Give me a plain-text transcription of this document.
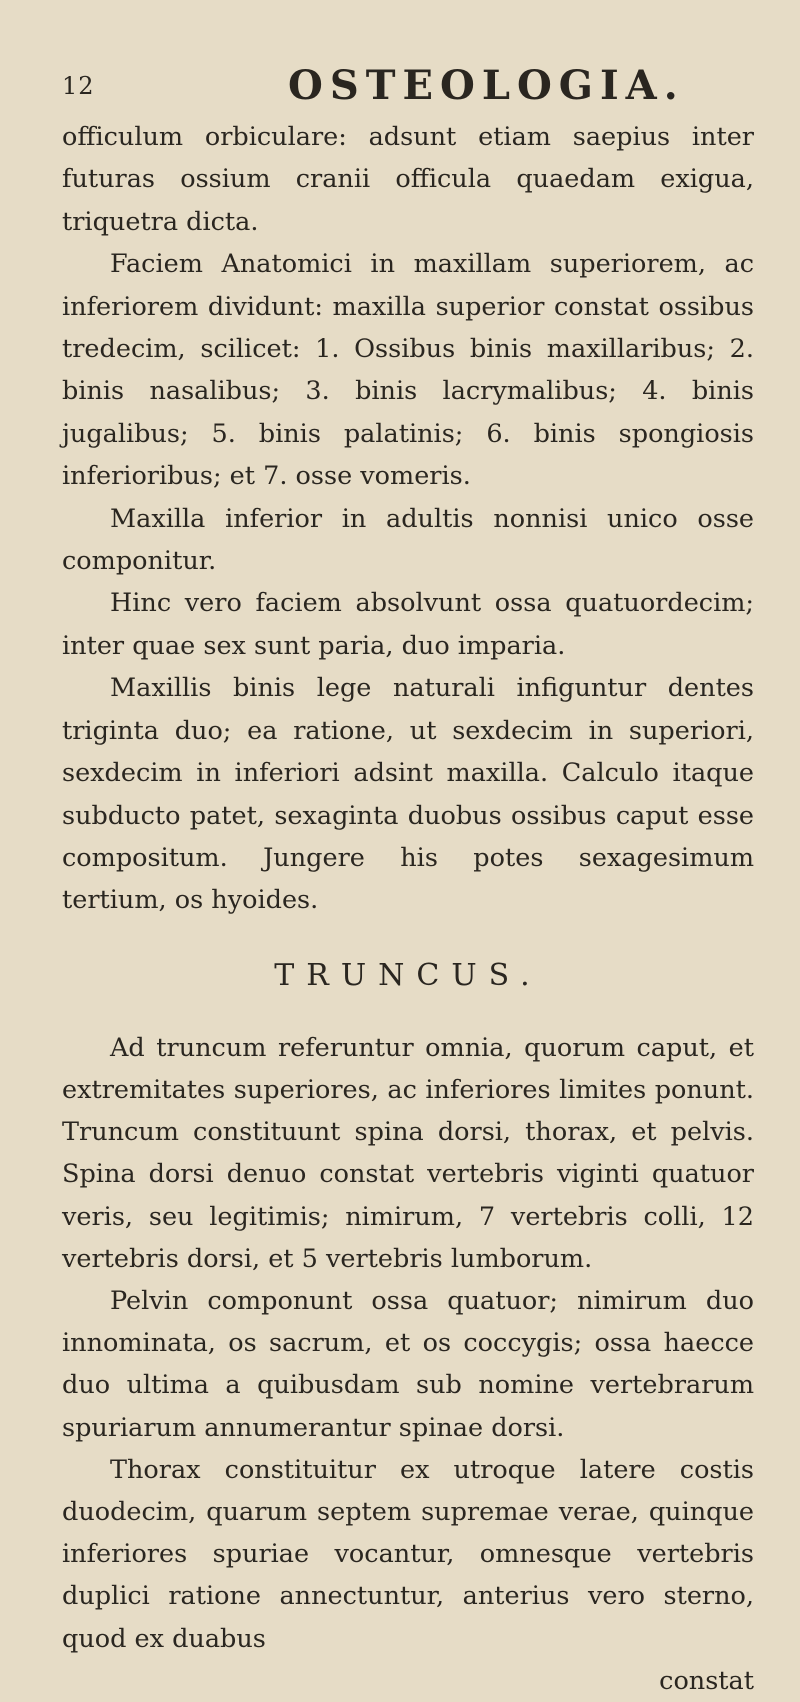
12	OSTEOLOGIA.

officulum orbiculare: adsunt etiam saepius inter futuras ossium cranii officula quaedam exigua, triquetra dicta.

Faciem Anatomici in maxillam superiorem, ac inferiorem dividunt: maxilla superior constat ossibus tredecim, scilicet: 1. Ossibus binis maxillaribus; 2. binis nasalibus; 3. binis lacrymalibus; 4. binis jugalibus; 5. binis palatinis; 6. binis spongiosis inferioribus; et 7. osse vomeris.

Maxilla inferior in adultis nonnisi unico osse componitur.

Hinc vero faciem absolvunt ossa quatuordecim; inter quae sex sunt paria, duo imparia.

Maxillis binis lege naturali infiguntur dentes triginta duo; ea ratione, ut sexdecim in superiori, sexdecim in inferiori adsint maxilla. Calculo itaque subducto patet, sexaginta duobus ossibus caput esse compositum. Jungere his potes sexagesimum tertium, os hyoides.

TRUNCUS.

Ad truncum referuntur omnia, quorum caput, et extremitates superiores, ac inferiores limites ponunt. Truncum constituunt spina dorsi, thorax, et pelvis. Spina dorsi denuo constat vertebris viginti quatuor veris, seu legitimis; nimirum, 7 vertebris colli, 12 vertebris dorsi, et 5 vertebris lumborum.

Pelvin componunt ossa quatuor; nimirum duo innominata, os sacrum, et os coccygis; ossa haecce duo ultima a quibusdam sub nomine vertebrarum spuriarum annumerantur spinae dorsi.

Thorax constituitur ex utroque latere costis duodecim, quarum septem supremae verae, quinque inferiores spuriae vocantur, omnesque vertebris duplici ratione anneсtuntur, anterius vero sterno, quod ex duabus

constat
